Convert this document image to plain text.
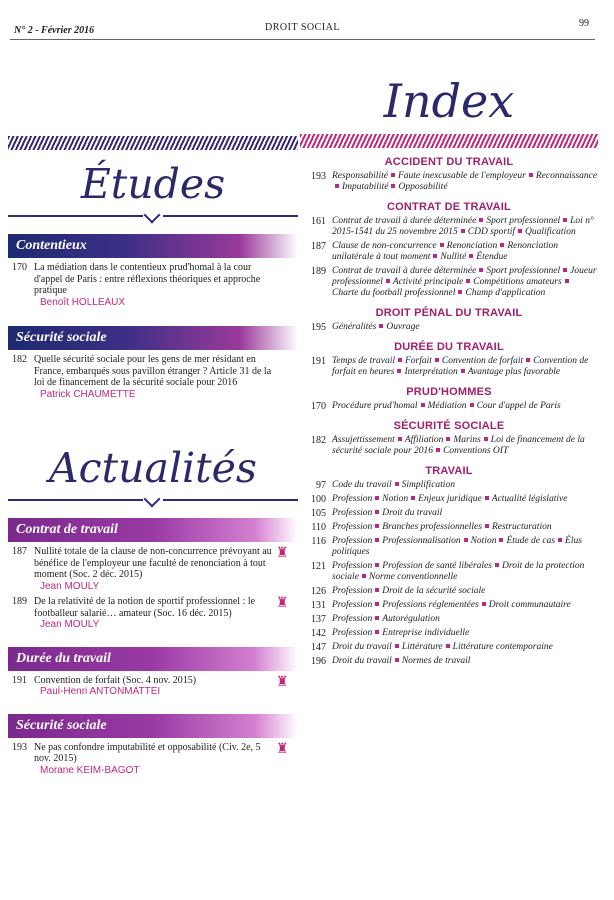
N° 2 - Février 2016	DROIT SOCIAL	99
Études
Contentieux
170 La médiation dans le contentieux prud'homal à la cour d'appel de Paris : entre réflexions théoriques et approche pratique
Benoît HOLLEAUX
Sécurité sociale
182 Quelle sécurité sociale pour les gens de mer résidant en France, embarqués sous pavillon étranger ? Article 31 de la loi de financement de la sécurité sociale pour 2016
Patrick CHAUMETTE
Actualités
Contrat de travail
187 Nullité totale de la clause de non-concurrence prévoyant au bénéfice de l'employeur une faculté de renonciation à tout moment (Soc. 2 déc. 2015)
Jean MOULY
♜
189 De la relativité de la notion de sportif professionnel : le footballeur salarié… amateur (Soc. 16 déc. 2015)
Jean MOULY
♜
Durée du travail
191 Convention de forfait (Soc. 4 nov. 2015)
Paul-Henri ANTONMATTEI
♜
Sécurité sociale
193 Ne pas confondre imputabilité et opposabilité (Civ. 2e, 5 nov. 2015)
Morane KEIM-BAGOT
♜
Index
ACCIDENT DU TRAVAIL
193 Responsabilité Faute inexcusable de l'employeur ReconnaissanceImputabilité Opposabilité
CONTRAT DE TRAVAIL
161 Contrat de travail à durée déterminée Sport professionnel Loi n° 2015-1541 du 25 novembre 2015 CDD sportif Qualification
187 Clause de non-concurrence Renonciation Renonciation unilatérale à tout moment Nullité Étendue
189 Contrat de travail à durée déterminée Sport professionnel Joueur professionnel Activité principale Compétitions amateursCharte du football professionnel Champ d'application
DROIT PÉNAL DU TRAVAIL
195 Généralités Ouvrage
DURÉE DU TRAVAIL
191 Temps de travail Forfait Convention de forfait Convention de forfait en heures Interprétation Avantage plus favorable
PRUD'HOMMES
170 Procédure prud'homal Médiation Cour d'appel de Paris
SÉCURITÉ SOCIALE
182 Assujettissement Affiliation Marins Loi de financement de la sécurité sociale pour 2016 Conventions OIT
TRAVAIL
97 Code du travail Simplification
100 Profession Notion Enjeux juridique Actualité législative
105 Profession Droit du travail
110 Profession Branches professionnelles Restructuration
116 Profession Professionnalisation Notion Étude de cas Élus politiques
121 Profession Profession de santé libérales Droit de la protection sociale Norme conventionnelle
126 Profession Droit de la sécurité sociale
131 Profession Professions réglementées Droit communautaire
137 Profession Autorégulation
142 Profession Entreprise individuelle
147 Droit du travail Littérature Littérature contemporaine
196 Droit du travail Normes de travail
